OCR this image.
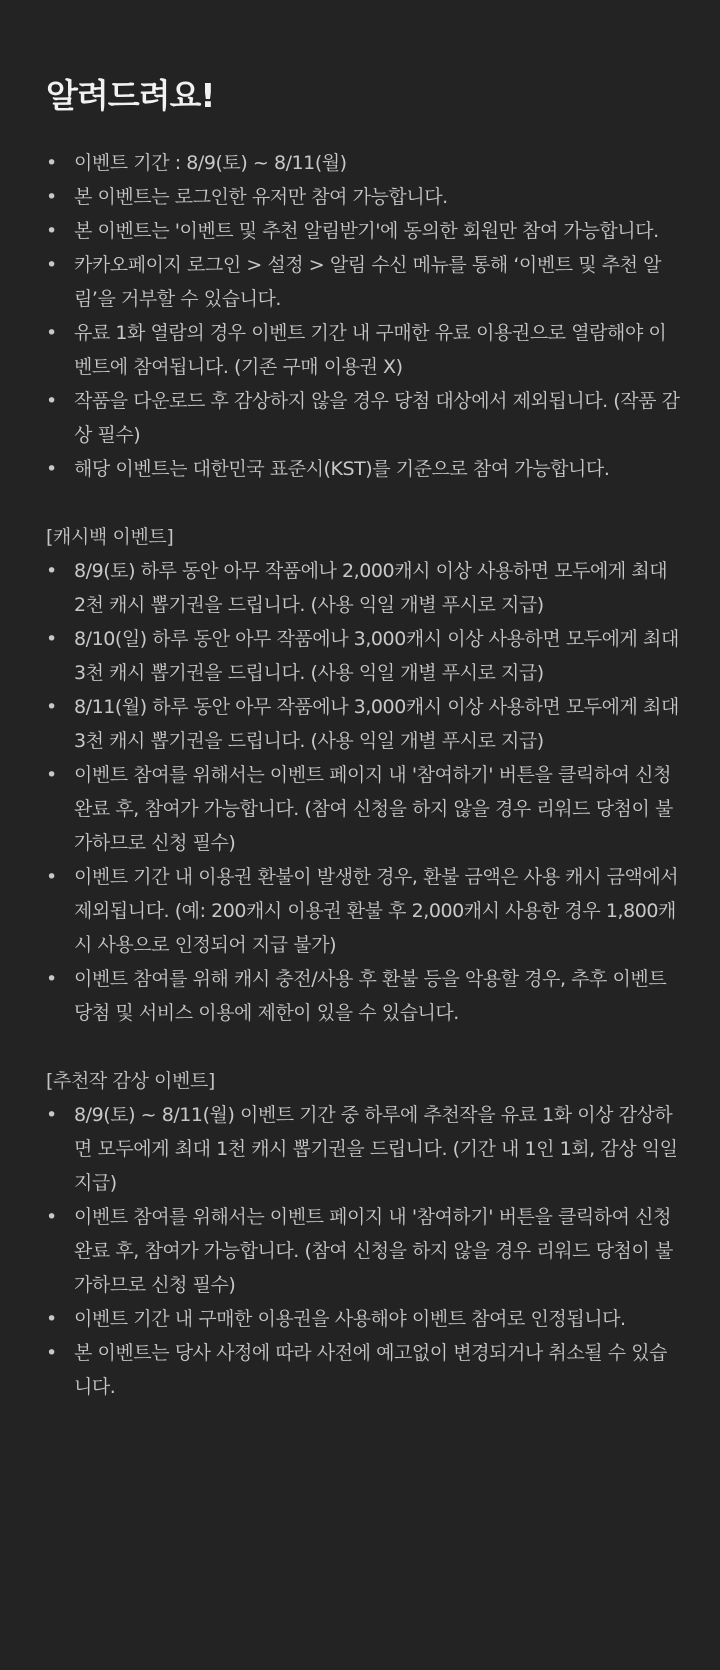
알려드려요!
• 이벤트 기간 : 8/9(토) ~ 8/11(월)
• 본 이벤트는 로그인한 유저만 참여 가능합니다.
• 본 이벤트는 '이벤트 및 추천 알림받기'에 동의한 회원만 참여 가능합니다.
• 카카오페이지 로그인 > 설정 > 알림 수신 메뉴를 통해 ‘이벤트 및 추천 알림’을 거부할 수 있습니다.
• 유료 1화 열람의 경우 이벤트 기간 내 구매한 유료 이용권으로 열람해야 이벤트에 참여됩니다. (기존 구매 이용권 X)
• 작품을 다운로드 후 감상하지 않을 경우 당첨 대상에서 제외됩니다. (작품 감상 필수)
• 해당 이벤트는 대한민국 표준시(KST)를 기준으로 참여 가능합니다.

[캐시백 이벤트]

• 8/9(토) 하루 동안 아무 작품에나 2,000캐시 이상 사용하면 모두에게 최대 2천 캐시 뽑기권을 드립니다. (사용 익일 개별 푸시로 지급)
• 8/10(일) 하루 동안 아무 작품에나 3,000캐시 이상 사용하면 모두에게 최대 3천 캐시 뽑기권을 드립니다. (사용 익일 개별 푸시로 지급)
• 8/11(월) 하루 동안 아무 작품에나 3,000캐시 이상 사용하면 모두에게 최대 3천 캐시 뽑기권을 드립니다. (사용 익일 개별 푸시로 지급)
• 이벤트 참여를 위해서는 이벤트 페이지 내 '참여하기' 버튼을 클릭하여 신청 완료 후, 참여가 가능합니다. (참여 신청을 하지 않을 경우 리워드 당첨이 불가하므로 신청 필수)
• 이벤트 기간 내 이용권 환불이 발생한 경우, 환불 금액은 사용 캐시 금액에서 제외됩니다. (예: 200캐시 이용권 환불 후 2,000캐시 사용한 경우 1,800캐시 사용으로 인정되어 지급 불가)
• 이벤트 참여를 위해 캐시 충전/사용 후 환불 등을 악용할 경우, 추후 이벤트 당첨 및 서비스 이용에 제한이 있을 수 있습니다.

[추천작 감상 이벤트]

• 8/9(토) ~ 8/11(월) 이벤트 기간 중 하루에 추천작을 유료 1화 이상 감상하면 모두에게 최대 1천 캐시 뽑기권을 드립니다. (기간 내 1인 1회, 감상 익일 지급)
• 이벤트 참여를 위해서는 이벤트 페이지 내 '참여하기' 버튼을 클릭하여 신청 완료 후, 참여가 가능합니다. (참여 신청을 하지 않을 경우 리워드 당첨이 불가하므로 신청 필수)
• 이벤트 기간 내 구매한 이용권을 사용해야 이벤트 참여로 인정됩니다.
• 본 이벤트는 당사 사정에 따라 사전에 예고없이 변경되거나 취소될 수 있습니다.
